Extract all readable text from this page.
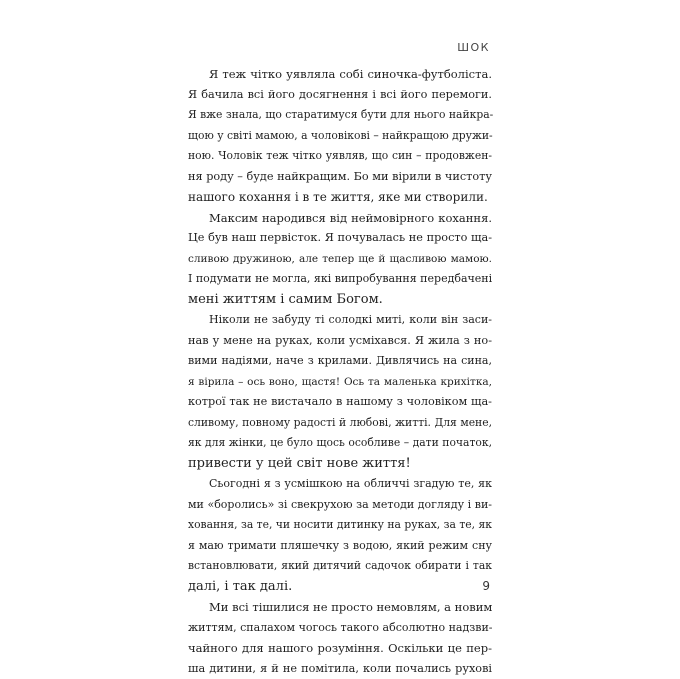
ШОК
Я теж чітко уявляла собі синочка-футболіста.
Я бачила всі його досягнення і всі його перемоги.
Я вже знала, що старатимуся бути для нього найкра-
щою у світі мамою, а чоловікові – найкращою дружи-
ною. Чоловік теж чітко уявляв, що син – продовжен-
ня роду – буде найкращим. Бо ми вірили в чистоту
нашого кохання і в те життя, яке ми створили.
Максим народився від неймовірного кохання.
Це був наш первісток. Я почувалась не просто ща-
сливою дружиною, але тепер ще й щасливою мамою.
І подумати не могла, які випробування передбачені
мені життям і самим Богом.
Ніколи не забуду ті солодкі миті, коли він заси-
нав у мене на руках, коли усміхався. Я жила з но-
вими надіями, наче з крилами. Дивлячись на сина,
я вірила – ось воно, щастя! Ось та маленька крихітка,
котрої так не вистачало в нашому з чоловіком ща-
сливому, повному радості й любові, житті. Для мене,
як для жінки, це було щось особливе – дати початок,
привести у цей світ нове життя!
Сьогодні я з усмішкою на обличчі згадую те, як
ми «боролись» зі свекрухою за методи догляду і ви-
ховання, за те, чи носити дитинку на руках, за те, як
я маю тримати пляшечку з водою, який режим сну
встановлювати, який дитячий садочок обирати і так
далі, і так далі.
Ми всі тішилися не просто немовлям, а новим
життям, спалахом чогось такого абсолютно надзви-
чайного для нашого розуміння. Оскільки це пер-
ша дитини, я й не помітила, коли почались рухові
9
